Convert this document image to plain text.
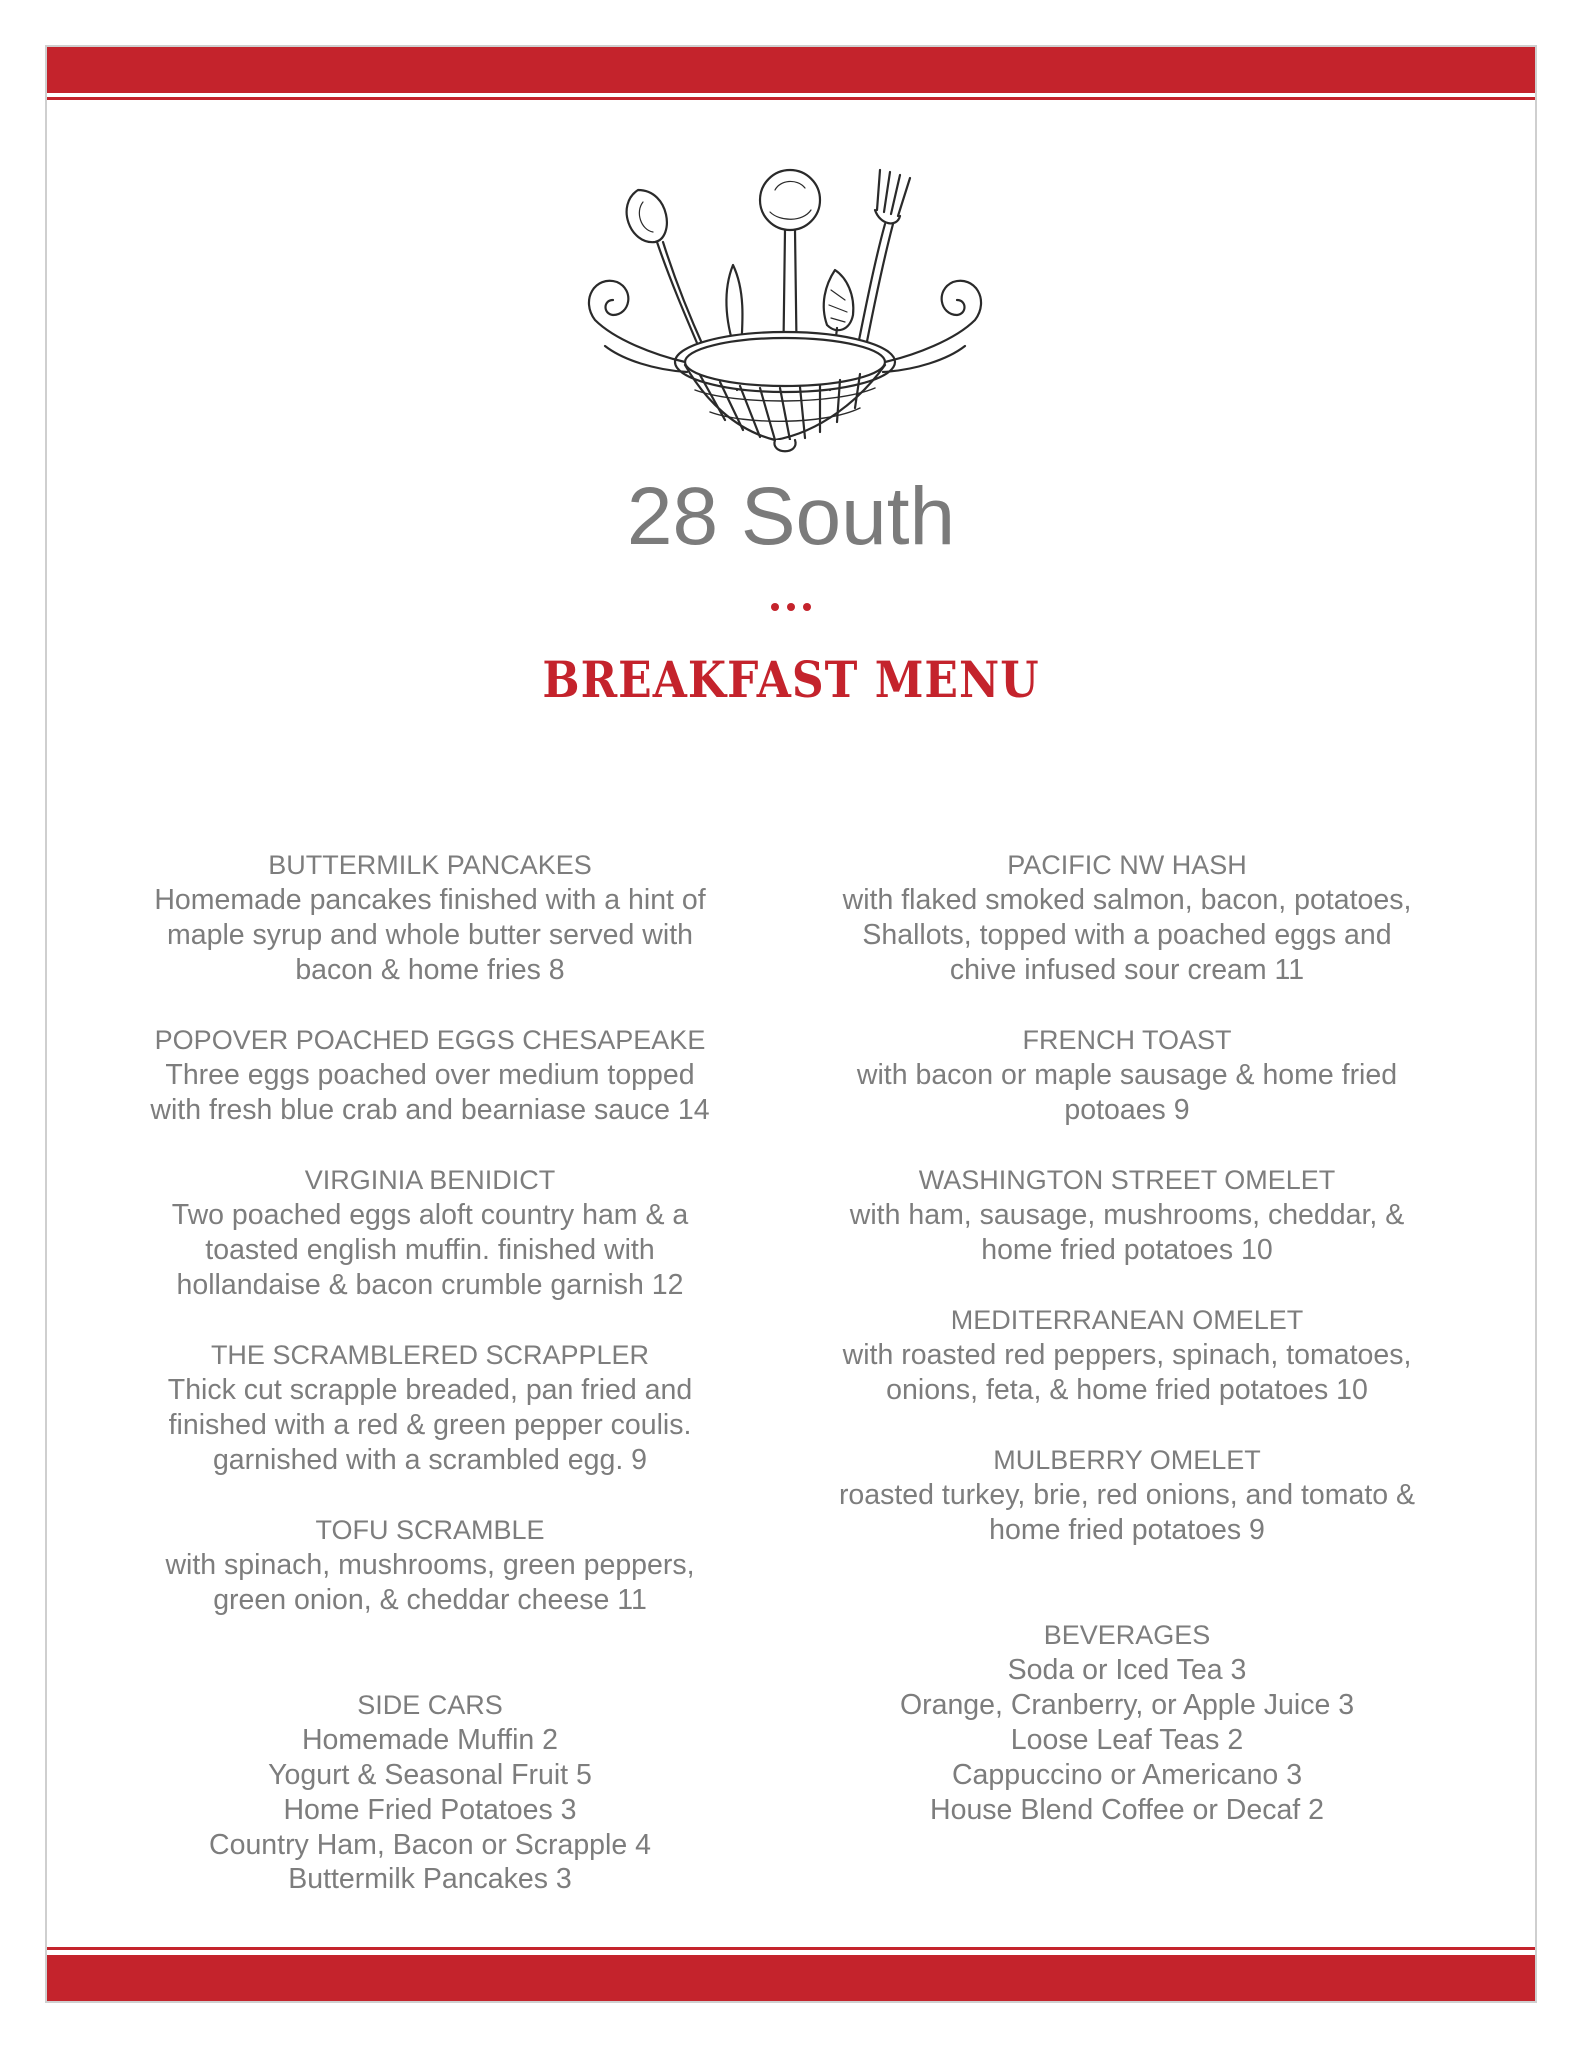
28 South
BREAKFAST MENU
BUTTERMILK PANCAKES
Homemade pancakes finished with a hint of
maple syrup and whole butter served with
bacon & home fries 8
POPOVER POACHED EGGS CHESAPEAKE
Three eggs poached over medium topped
with fresh blue crab and bearniase sauce 14
VIRGINIA BENIDICT
Two poached eggs aloft country ham & a
toasted english muffin. finished with
hollandaise & bacon crumble garnish 12
THE SCRAMBLERED SCRAPPLER
Thick cut scrapple breaded, pan fried and
finished with a red & green pepper coulis.
garnished with a scrambled egg. 9
TOFU SCRAMBLE
with spinach, mushrooms, green peppers,
green onion, & cheddar cheese 11
SIDE CARS
Homemade Muffin 2
Yogurt & Seasonal Fruit 5
Home Fried Potatoes 3
Country Ham, Bacon or Scrapple 4
Buttermilk Pancakes 3
PACIFIC NW HASH
with flaked smoked salmon, bacon, potatoes,
Shallots, topped with a poached eggs and
chive infused sour cream 11
FRENCH TOAST
with bacon or maple sausage & home fried
potoaes 9
WASHINGTON STREET OMELET
with ham, sausage, mushrooms, cheddar, &
home fried potatoes 10
MEDITERRANEAN OMELET
with roasted red peppers, spinach, tomatoes,
onions, feta, & home fried potatoes 10
MULBERRY OMELET
roasted turkey, brie, red onions, and tomato &
home fried potatoes 9
BEVERAGES
Soda or Iced Tea 3
Orange, Cranberry, or Apple Juice 3
Loose Leaf Teas 2
Cappuccino or Americano 3
House Blend Coffee or Decaf 2
